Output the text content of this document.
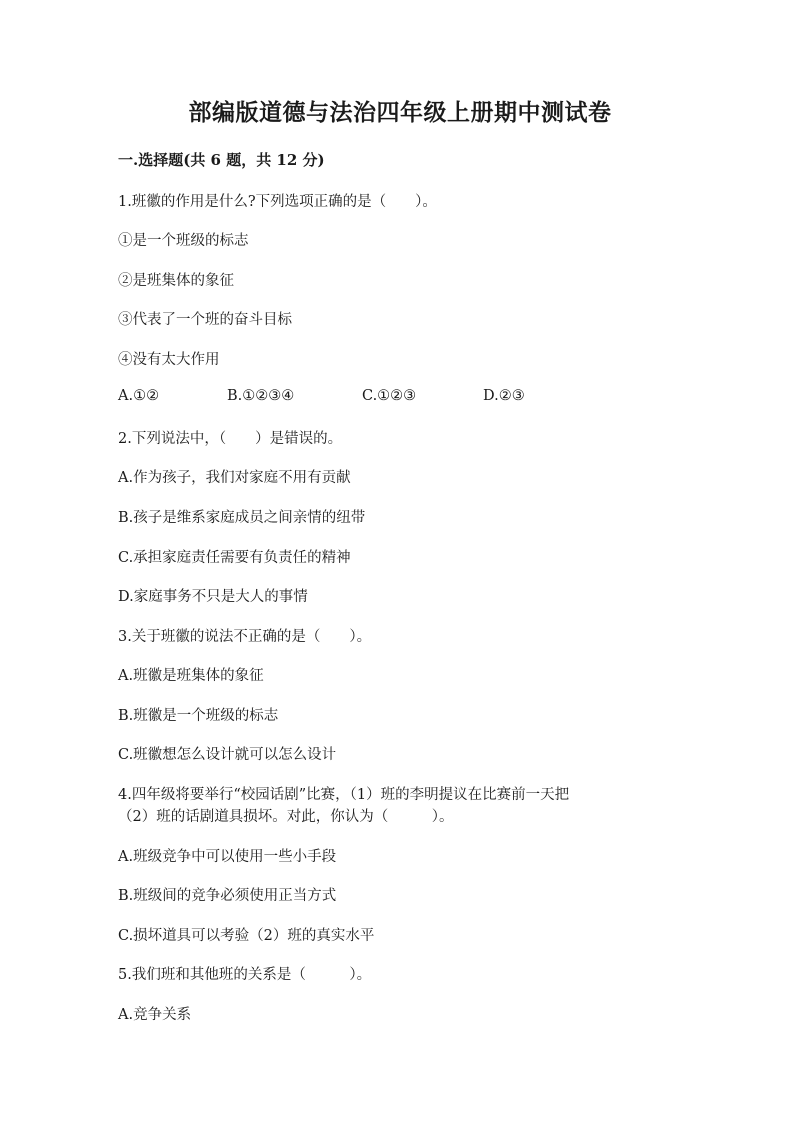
部编版道德与法治四年级上册期中测试卷
一.选择题(共 6 题，共 12 分)
1.班徽的作用是什么?下列选项正确的是（　　）。
①是一个班级的标志
②是班集体的象征
③代表了一个班的奋斗目标
④没有太大作用
A.①②	B.①②③④	C.①②③	D.②③
2.下列说法中，（　　）是错误的。
A.作为孩子，我们对家庭不用有贡献
B.孩子是维系家庭成员之间亲情的纽带
C.承担家庭责任需要有负责任的精神
D.家庭事务不只是大人的事情
3.关于班徽的说法不正确的是（　　）。
A.班徽是班集体的象征
B.班徽是一个班级的标志
C.班徽想怎么设计就可以怎么设计
4.四年级将要举行“校园话剧”比赛，（1）班的李明提议在比赛前一天把
（2）班的话剧道具损坏。对此，你认为（　　　）。
A.班级竞争中可以使用一些小手段
B.班级间的竞争必须使用正当方式
C.损坏道具可以考验（2）班的真实水平
5.我们班和其他班的关系是（　　　）。
A.竞争关系
